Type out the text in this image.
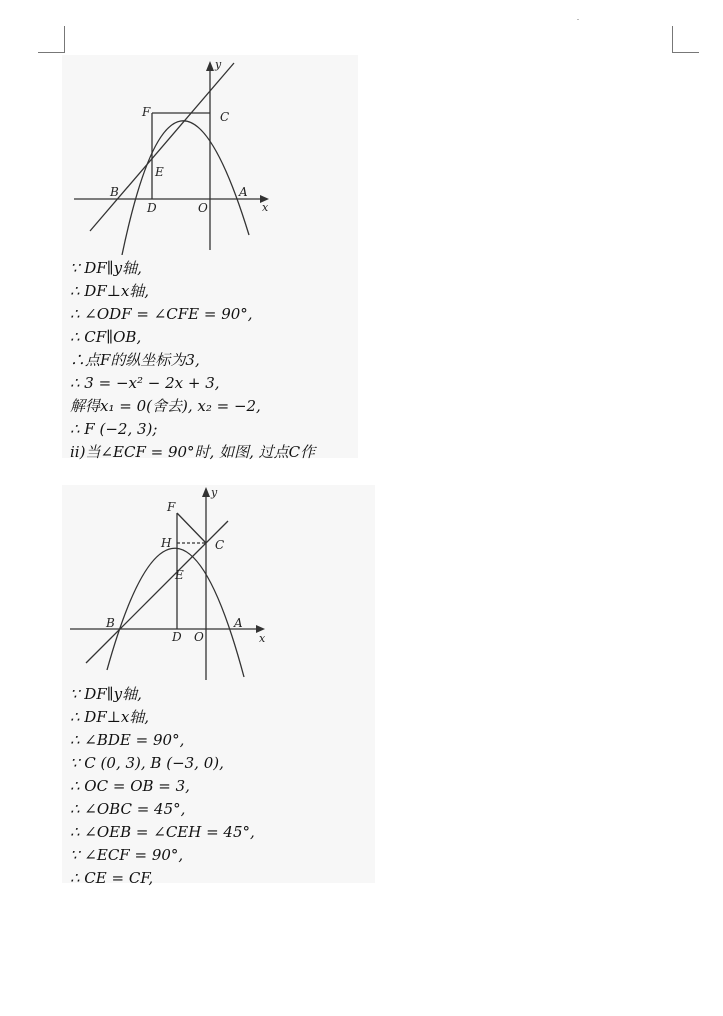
y
x
F	C
E
B
D	O
A
∵ DF∥y轴,
∴ DF⊥x轴,
∴ ∠ODF = ∠CFE = 90°,
∴ CF∥OB,
∴点F的纵坐标为3,
∴ 3 = −x² − 2x + 3,
解得x₁ = 0(舍去), x₂ = −2,
∴ F (−2, 3);
ii)当∠ECF = 90°时, 如图, 过点C作
y
x
F
H	C
E
B
D O
A
∵ DF∥y轴,
∴ DF⊥x轴,
∴ ∠BDE = 90°,
∵ C (0, 3), B (−3, 0),
∴ OC = OB = 3,
∴ ∠OBC = 45°,
∴ ∠OEB = ∠CEH = 45°,
∵ ∠ECF = 90°,
∴ CE = CF,
